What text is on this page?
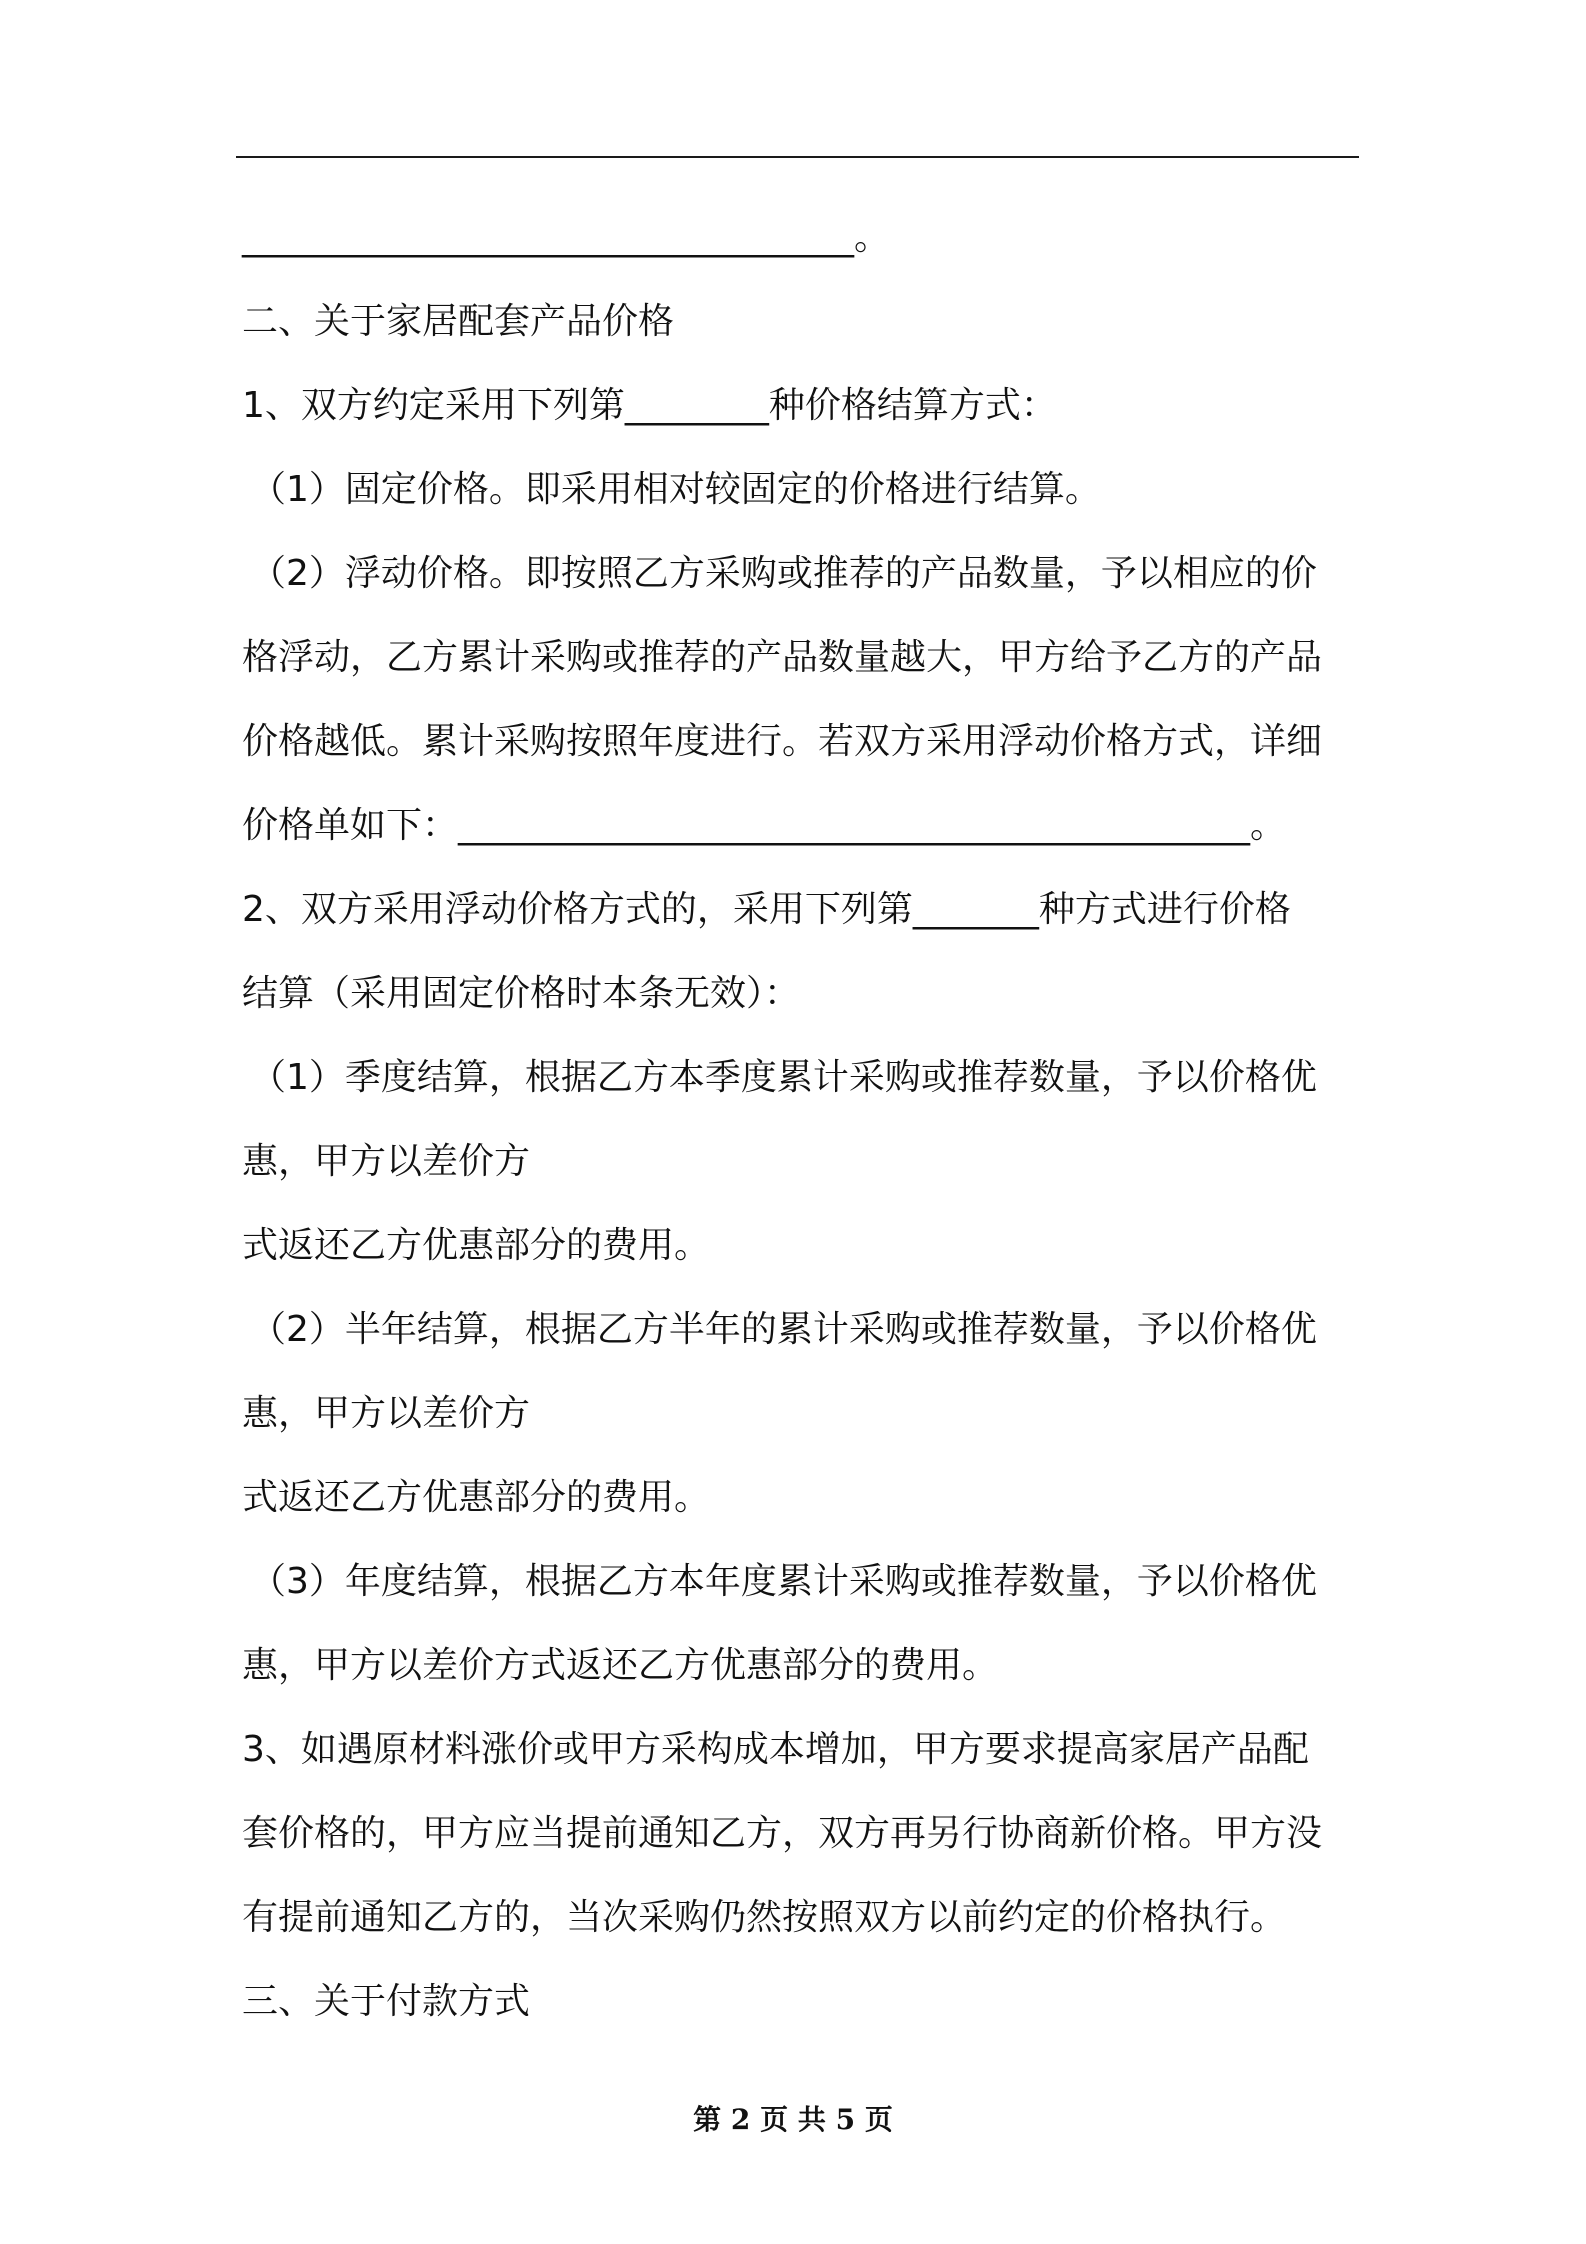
__________________________________。
二、关于家居配套产品价格
1、双方约定采用下列第________种价格结算方式：
（1）固定价格。即采用相对较固定的价格进行结算。
（2）浮动价格。即按照乙方采购或推荐的产品数量，予以相应的价
格浮动，乙方累计采购或推荐的产品数量越大，甲方给予乙方的产品
价格越低。累计采购按照年度进行。若双方采用浮动价格方式，详细
价格单如下：____________________________________________。
2、双方采用浮动价格方式的，采用下列第_______种方式进行价格
结算（采用固定价格时本条无效）：
（1）季度结算，根据乙方本季度累计采购或推荐数量，予以价格优
惠，甲方以差价方
式返还乙方优惠部分的费用。
（2）半年结算，根据乙方半年的累计采购或推荐数量，予以价格优
惠，甲方以差价方
式返还乙方优惠部分的费用。
（3）年度结算，根据乙方本年度累计采购或推荐数量，予以价格优
惠，甲方以差价方式返还乙方优惠部分的费用。
3、如遇原材料涨价或甲方采构成本增加，甲方要求提高家居产品配
套价格的，甲方应当提前通知乙方，双方再另行协商新价格。甲方没
有提前通知乙方的，当次采购仍然按照双方以前约定的价格执行。
三、关于付款方式
第 2 页 共 5 页
